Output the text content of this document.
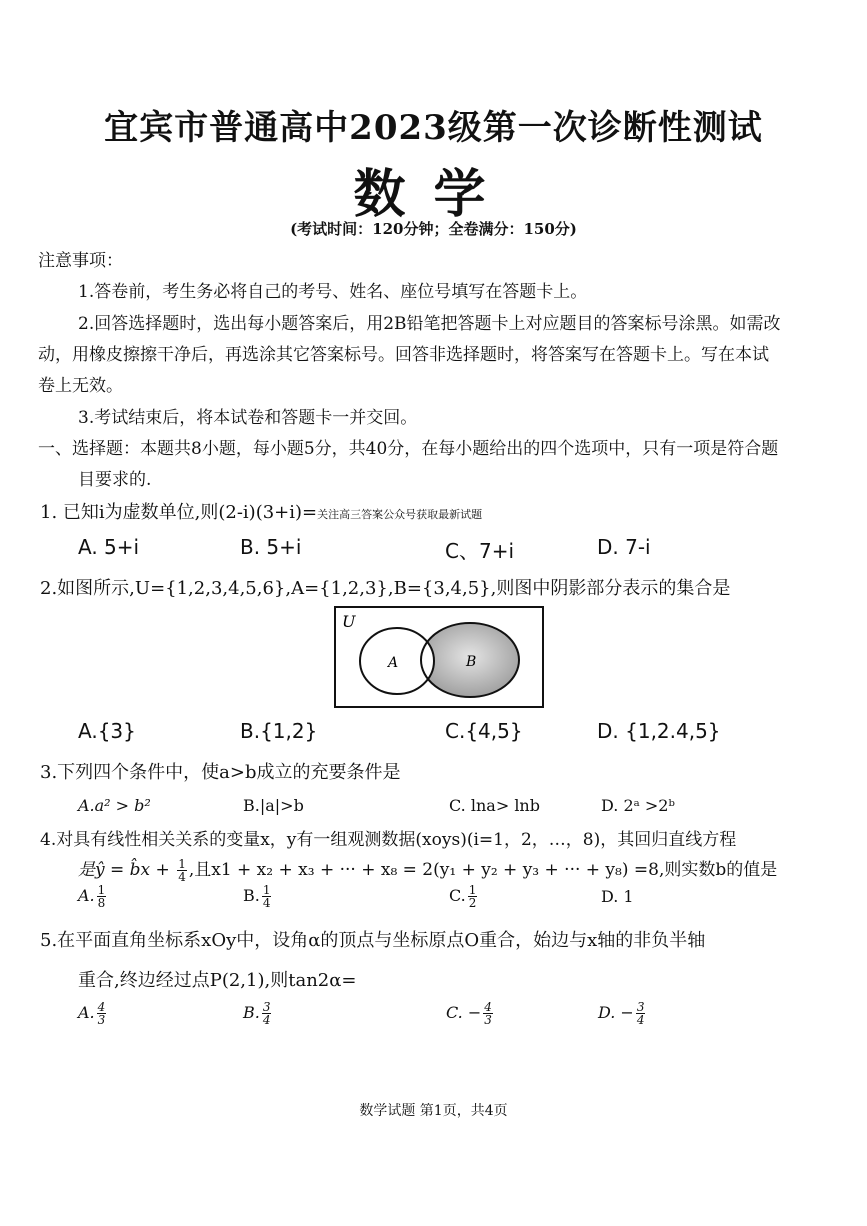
宜宾市普通高中2023级第一次诊断性测试
数学
(考试时间：120分钟；全卷满分：150分)
注意事项：
1.答卷前，考生务必将自己的考号、姓名、座位号填写在答题卡上。
2.回答选择题时，选出每小题答案后，用2B铅笔把答题卡上对应题目的答案标号涂黑。如需改
动，用橡皮擦擦干净后，再选涂其它答案标号。回答非选择题时，将答案写在答题卡上。写在本试
卷上无效。
3.考试结束后，将本试卷和答题卡一并交回。
一、选择题：本题共8小题，每小题5分，共40分，在每小题给出的四个选项中，只有一项是符合题
目要求的.
1. 已知i为虚数单位,则(2-i)(3+i)=关注高三答案公众号获取最新试题
A. 5+i	B. 5+i	C、7+i	D. 7-i
2.如图所示,U={1,2,3,4,5,6},A={1,2,3},B={3,4,5},则图中阴影部分表示的集合是
U
A	B
A.{3}	B.{1,2}	C.{4,5}	D. {1,2.4,5}
3.下列四个条件中，使a>b成立的充要条件是
A.a² > b²	B.|a|>b	C. lna> lnb	D. 2ᵃ >2ᵇ
4.对具有线性相关关系的变量x，y有一组观测数据(xoys)(i=1，2，…，8)，其回归直线方程
是ŷ = b̂x + $\frac{1}{4}$ ,且x1 + x₂ + x₃ + ··· + x₈ = 2(y₁ + y₂ + y₃ + ··· + y₈) =8,则实数b的值是
A. $\frac{1}{8}$	B. $\frac{1}{4}$	C. $\frac{1}{2}$	D. 1
5.在平面直角坐标系xOy中，设角α的顶点与坐标原点O重合，始边与x轴的非负半轴
重合,终边经过点P(2,1),则tan2α=
A. $\frac{4}{3}$	B. $\frac{3}{4}$	C. − $\frac{4}{3}$	D. − $\frac{3}{4}$
数学试题 第1页，共4页
